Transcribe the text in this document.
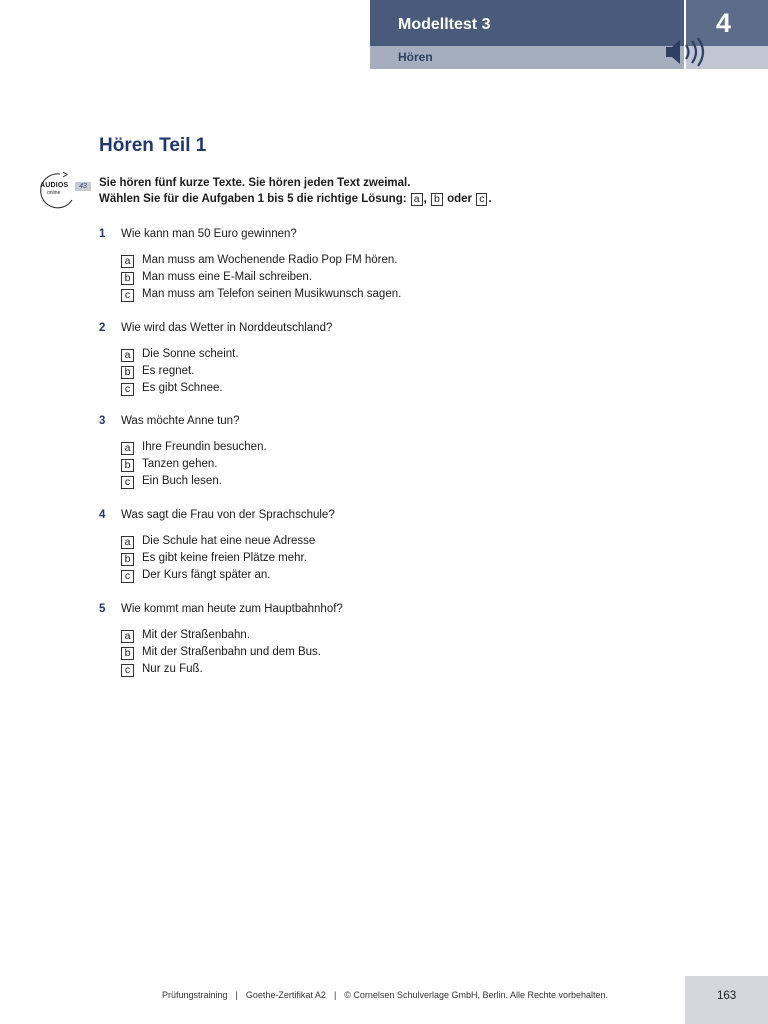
Modelltest 3
Hören
4
Hören Teil 1
AUDIOS
online
43	Sie hören fünf kurze Texte. Sie hören jeden Text zweimal.
Wählen Sie für die Aufgaben 1 bis 5 die richtige Lösung: a , b oder c .
1 Wie kann man 50 Euro gewinnen?
a Man muss am Wochenende Radio Pop FM hören.
b Man muss eine E-Mail schreiben.
c Man muss am Telefon seinen Musikwunsch sagen.
2 Wie wird das Wetter in Norddeutschland?
a Die Sonne scheint.
b Es regnet.
c Es gibt Schnee.
3 Was möchte Anne tun?
a Ihre Freundin besuchen.
b Tanzen gehen.
c Ein Buch lesen.
4 Was sagt die Frau von der Sprachschule?
a Die Schule hat eine neue Adresse
b Es gibt keine freien Plätze mehr.
c Der Kurs fängt später an.
5 Wie kommt man heute zum Hauptbahnhof?
a Mit der Straßenbahn.
b Mit der Straßenbahn und dem Bus.
c Nur zu Fuß.
Prüfungstraining | Goethe-Zertifikat A2 | © Cornelsen Schulverlage GmbH, Berlin. Alle Rechte vorbehalten.	163
